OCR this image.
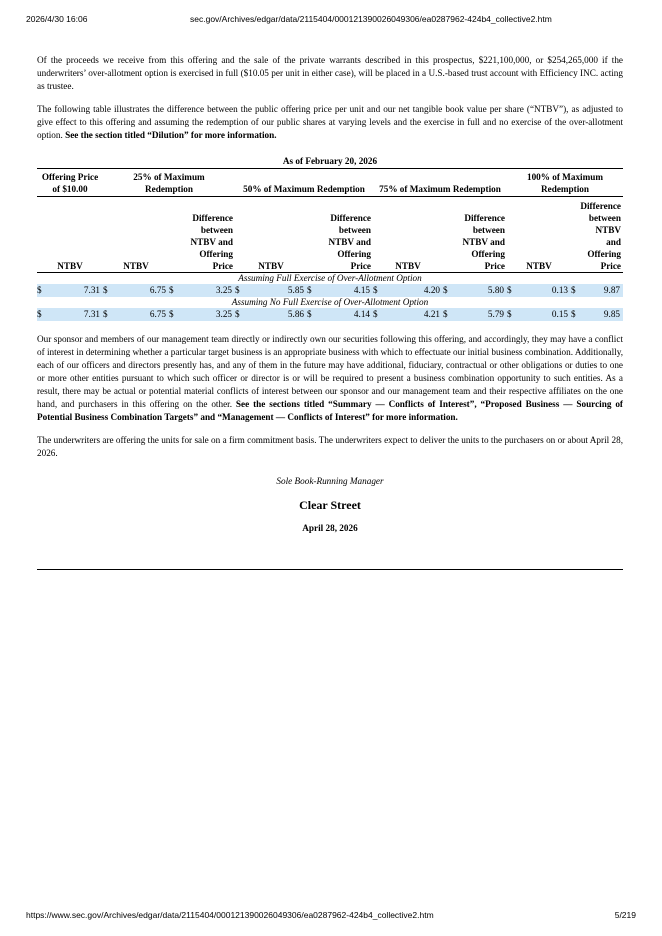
2026/4/30 16:06	sec.gov/Archives/edgar/data/2115404/000121390026049306/ea0287962-424b4_collective2.htm

Of the proceeds we receive from this offering and the sale of the private warrants described in this prospectus, $221,100,000, or $254,265,000 if the underwriters’ over-allotment option is exercised in full ($10.05 per unit in either case), will be placed in a U.S.-based trust account with Efficiency INC. acting as trustee.

The following table illustrates the difference between the public offering price per unit and our net tangible book value per share (“NTBV”), as adjusted to give effect to this offering and assuming the redemption of our public shares at varying levels and the exercise in full and no exercise of the over-allotment option. See the section titled “Dilution” for more information.

As of February 20, 2026								
Offering Price of $10.00	25% of Maximum Redemption		50% of Maximum Redemption		75% of Maximum Redemption		100% of Maximum Redemption	
NTBV	NTBV	Difference between NTBV and Offering Price	NTBV	Difference between NTBV and Offering Price	NTBV	Difference between NTBV and Offering Price	NTBV	Difference between NTBV and Offering Price
Assuming Full Exercise of Over-Allotment Option								

$ 7.31	$ 6.75	$ 3.25	$ 5.85	$ 4.15	$ 4.20	$ 5.80	$ 0.13	$ 9.87

Assuming No Full Exercise of Over-Allotment Option								

$ 7.31	$ 6.75	$ 3.25	$ 5.86	$ 4.14	$ 4.21	$ 5.79	$ 0.15	$ 9.85

Our sponsor and members of our management team directly or indirectly own our securities following this offering, and accordingly, they may have a conflict of interest in determining whether a particular target business is an appropriate business with which to effectuate our initial business combination. Additionally, each of our officers and directors presently has, and any of them in the future may have additional, fiduciary, contractual or other obligations or duties to one or more other entities pursuant to which such officer or director is or will be required to present a business combination opportunity to such entities. As a result, there may be actual or potential material conflicts of interest between our sponsor and our management team and their respective affiliates on the one hand, and purchasers in this offering on the other. See the sections titled “Summary — Conflicts of Interest”, “Proposed Business — Sourcing of Potential Business Combination Targets” and “Management — Conflicts of Interest” for more information.

The underwriters are offering the units for sale on a firm commitment basis. The underwriters expect to deliver the units to the purchasers on or about April 28, 2026.

Sole Book-Running Manager
Clear Street
April 28, 2026
https://www.sec.gov/Archives/edgar/data/2115404/000121390026049306/ea0287962-424b4_collective2.htm	5/219
